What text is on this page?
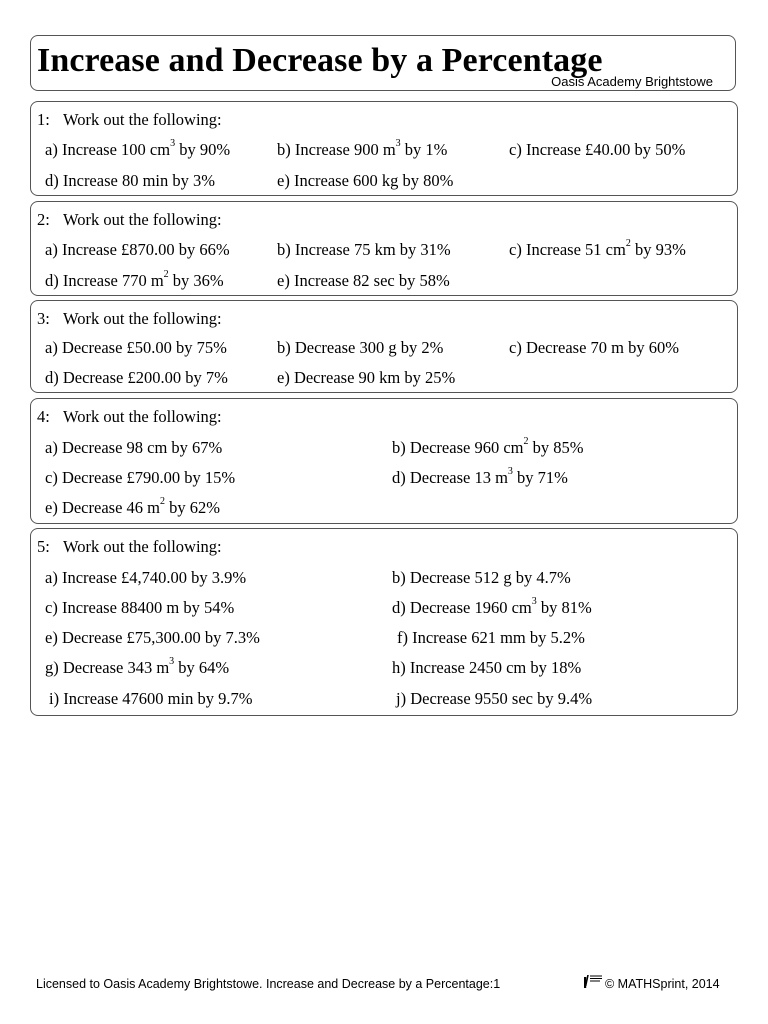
Increase and Decrease by a Percentage
Oasis Academy Brightstowe
1: Work out the following:
a) Increase 100 $cm^3$ by 90%	b) Increase 900 $m^3$ by 1%	c) Increase £40.00 by 50%
d) Increase 80 min by 3%	e) Increase 600 kg by 80%
2: Work out the following:
a) Increase £870.00 by 66%	b) Increase 75 km by 31%	c) Increase 51 $cm^2$ by 93%
d) Increase 770 $m^2$ by 36%	e) Increase 82 sec by 58%
3: Work out the following:
a) Decrease £50.00 by 75%	b) Decrease 300 g by 2%	c) Decrease 70 m by 60%
d) Decrease £200.00 by 7%	e) Decrease 90 km by 25%
4: Work out the following:
a) Decrease 98 cm by 67%	b) Decrease 960 $cm^2$ by 85%
c) Decrease £790.00 by 15%	d) Decrease 13 $m^3$ by 71%
e) Decrease 46 $m^2$ by 62%
5: Work out the following:
a) Increase £4,740.00 by 3.9%	b) Decrease 512 g by 4.7%
c) Increase 88400 m by 54%	d) Decrease 1960 $cm^3$ by 81%
e) Decrease £75,300.00 by 7.3%	f) Increase 621 mm by 5.2%
g) Decrease 343 $m^3$ by 64%	h) Increase 2450 cm by 18%
i) Increase 47600 min by 9.7%	j) Decrease 9550 sec by 9.4%
Licensed to Oasis Academy Brightstowe. Increase and Decrease by a Percentage:1	© MATHSprint, 2014
